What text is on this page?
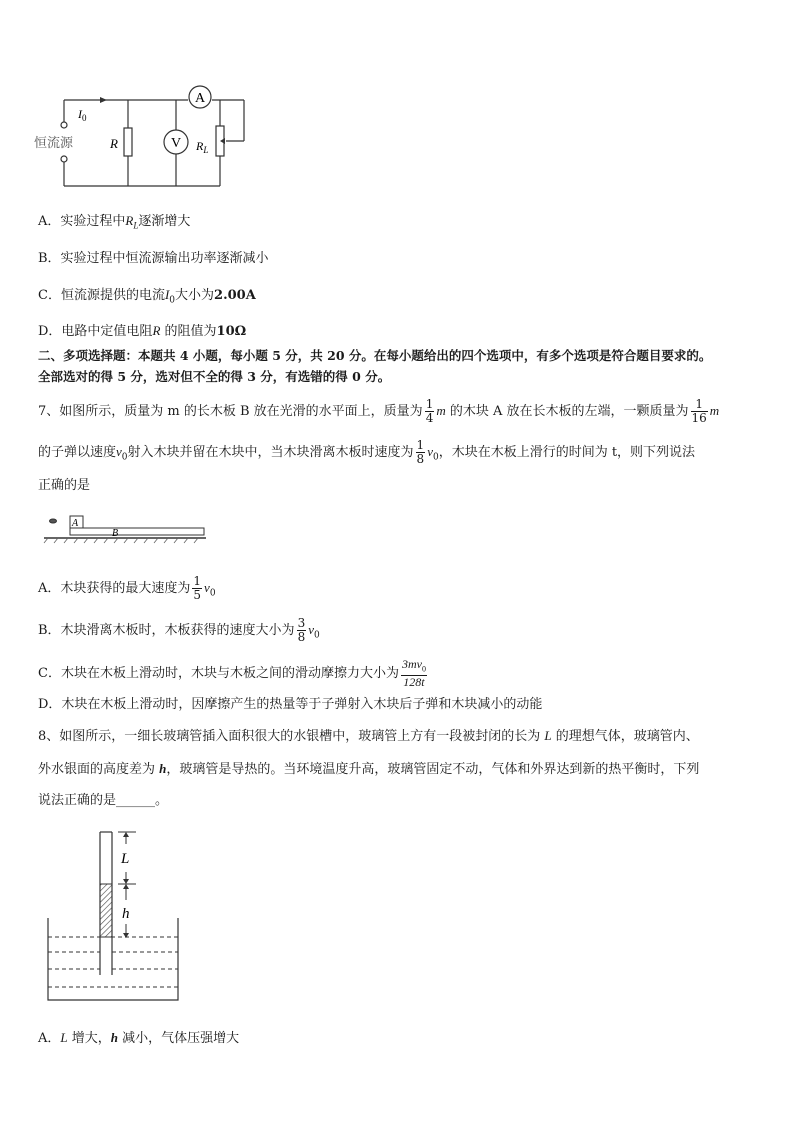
A
V
$I_0$
R	$R_L$
恒流源
A．实验过程中$R_L$逐渐增大
B．实验过程中恒流源输出功率逐渐减小
C．恒流源提供的电流$I_0$大小为2.00A
D．电路中定值电阻R 的阻值为10Ω
二、多项选择题：本题共 4 小题，每小题 5 分，共 20 分。在每小题给出的四个选项中，有多个选项是符合题目要求的。
全部选对的得 5 分，选对但不全的得 3 分，有选错的得 0 分。
7、如图所示，质量为 m 的长木板 B 放在光滑的水平面上，质量为 $\frac{1}{4}$ m 的木块 A 放在长木板的左端，一颗质量为 $\frac{1}{16}$ m
的子弹以速度$v_0$射入木块并留在木块中，当木块滑离木板时速度为 $\frac{1}{8} v_0$，木块在木板上滑行的时间为 t，则下列说法
正确的是
A
B
A．木块获得的最大速度为 $\frac{1}{5} v_0$
B．木块滑离木板时，木板获得的速度大小为 $\frac{3}{8} v_0$
C．木块在木板上滑动时，木块与木板之间的滑动摩擦力大小为 $\frac{3mv_0}{128t}$
D．木块在木板上滑动时，因摩擦产生的热量等于子弹射入木块后子弹和木块减小的动能
8、如图所示，一细长玻璃管插入面积很大的水银槽中，玻璃管上方有一段被封闭的长为 L 的理想气体，玻璃管内、
外水银面的高度差为 h，玻璃管是导热的。当环境温度升高，玻璃管固定不动，气体和外界达到新的热平衡时，下列
说法正确的是______。
L
h
A．L 增大，h 减小，气体压强增大
